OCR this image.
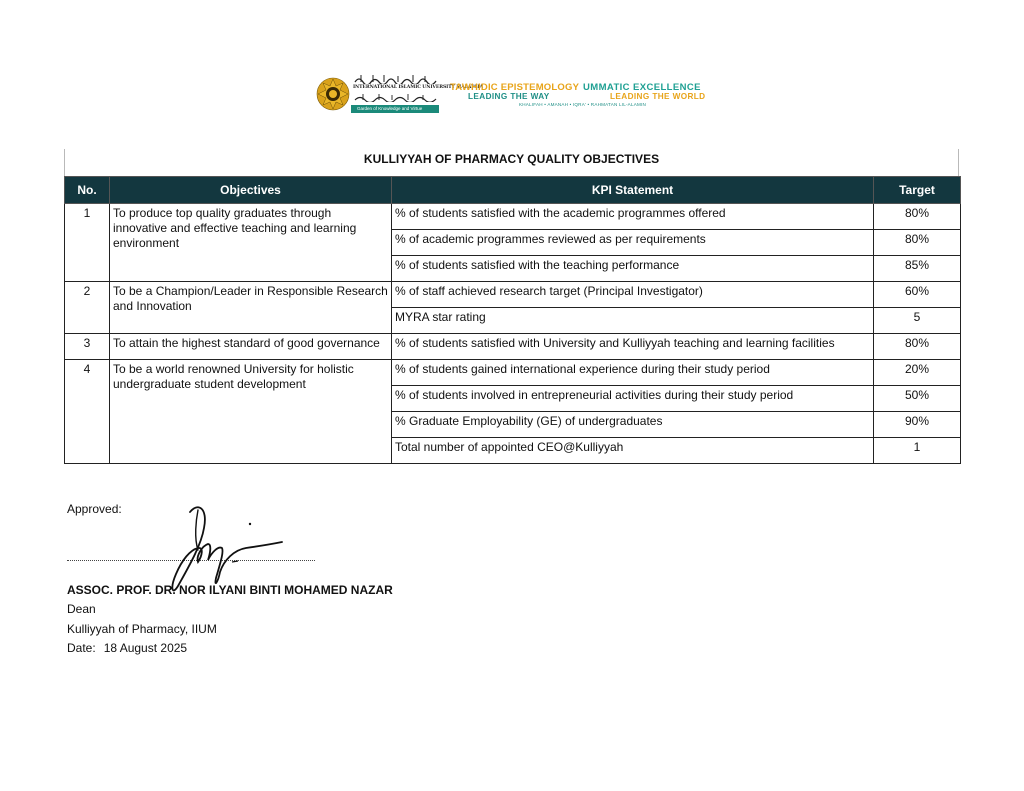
INTERNATIONAL ISLAMIC UNIVERSITY MALAYSIA
Garden of Knowledge and Virtue
TAWHIDIC EPISTEMOLOGY
LEADING THE WAY
UMMATIC EXCELLENCE
LEADING THE WORLD
KHALIFAH • AMANAH • IQRA' • RAHMATAN LIL-ALAMIN
KULLIYYAH OF PHARMACY QUALITY OBJECTIVES
No.	Objectives	KPI Statement	Target
1	To produce top quality graduates through innovative and effective teaching and learning environment	% of students satisfied with the academic programmes offered	80%
		% of academic programmes reviewed as per requirements	80%
		% of students satisfied with the teaching performance	85%
2	To be a Champion/Leader in Responsible Research and Innovation	% of staff achieved research target (Principal Investigator)	60%
		MYRA star rating	5
3	To attain the highest standard of good governance	% of students satisfied with University and Kulliyyah teaching and learning facilities	80%
4	To be a world renowned University for holistic undergraduate student development	% of students gained international experience during their study period	20%
		% of students involved in entrepreneurial activities during their study period	50%
		% Graduate Employability (GE) of undergraduates	90%
		Total number of appointed CEO@Kulliyyah	1
Approved:
ASSOC. PROF. DR. NOR ILYANI BINTI MOHAMED NAZAR
Dean
Kulliyyah of Pharmacy, IIUM
Date: 18 August 2025
